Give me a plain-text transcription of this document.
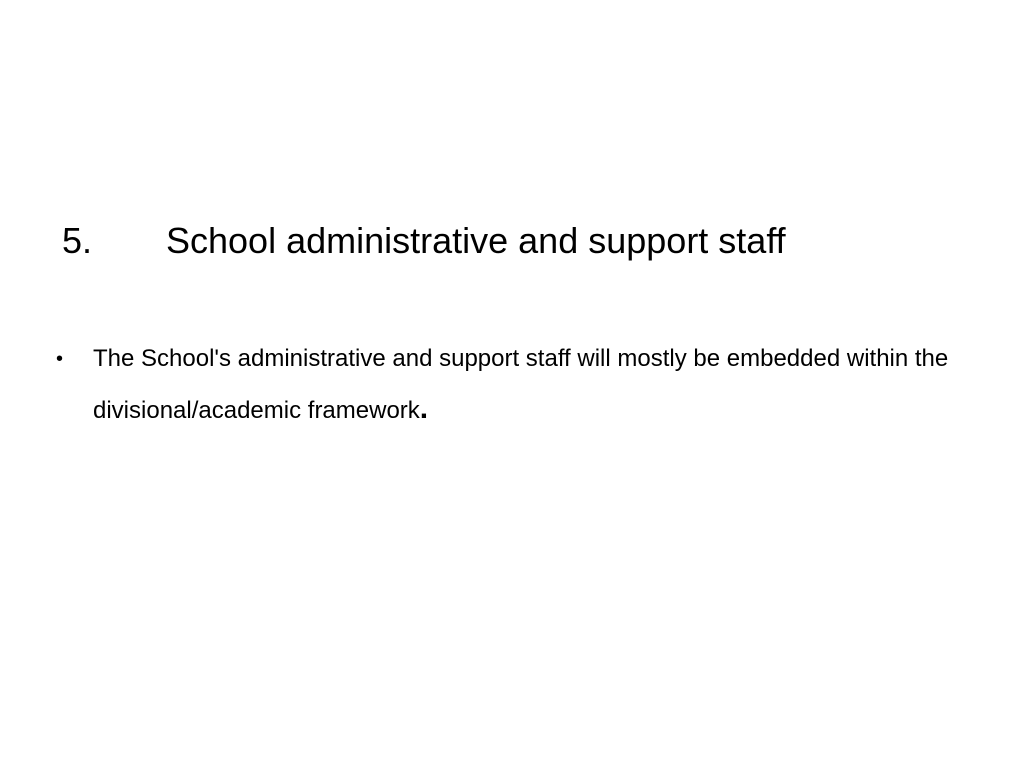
5. School administrative and support staff
• The School's administrative and support staff will mostly be embedded within the divisional/academic framework.
